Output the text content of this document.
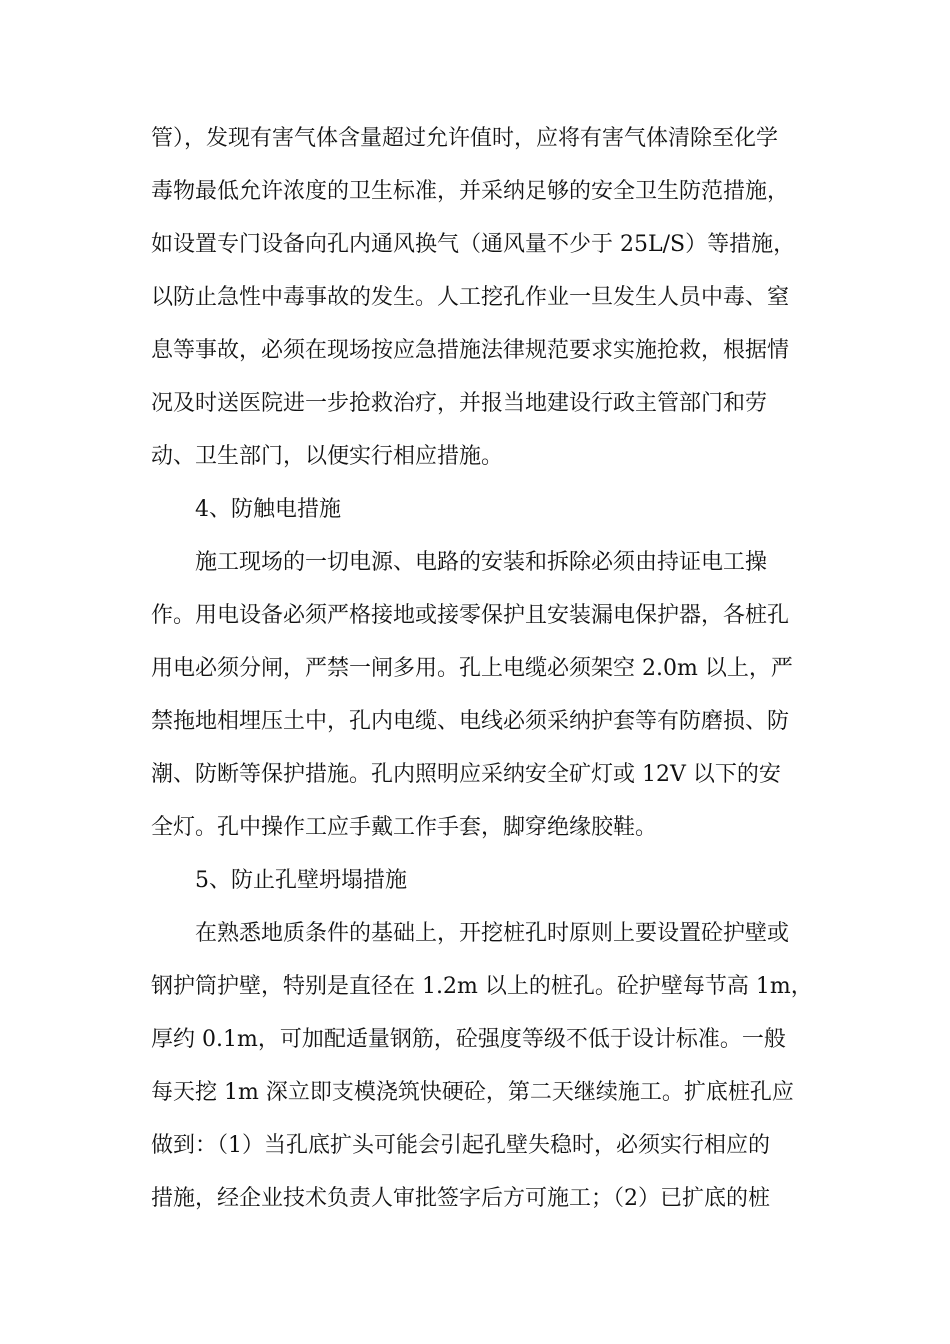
管），发现有害气体含量超过允许值时，应将有害气体清除至化学
毒物最低允许浓度的卫生标准，并采纳足够的安全卫生防范措施，
如设置专门设备向孔内通风换气（通风量不少于 25L/S）等措施，
以防止急性中毒事故的发生。人工挖孔作业一旦发生人员中毒、窒
息等事故，必须在现场按应急措施法律规范要求实施抢救，根据情
况及时送医院进一步抢救治疗，并报当地建设行政主管部门和劳
动、卫生部门，以便实行相应措施。
4、防触电措施
施工现场的一切电源、电路的安装和拆除必须由持证电工操
作。用电设备必须严格接地或接零保护且安装漏电保护器，各桩孔
用电必须分闸，严禁一闸多用。孔上电缆必须架空 2.0m 以上，严
禁拖地相埋压土中，孔内电缆、电线必须采纳护套等有防磨损、防
潮、防断等保护措施。孔内照明应采纳安全矿灯或 12V 以下的安
全灯。孔中操作工应手戴工作手套，脚穿绝缘胶鞋。
5、防止孔壁坍塌措施
在熟悉地质条件的基础上，开挖桩孔时原则上要设置砼护壁或
钢护筒护壁，特别是直径在 1.2m 以上的桩孔。砼护壁每节高 1m，
厚约 0.1m，可加配适量钢筋，砼强度等级不低于设计标准。一般
每天挖 1m 深立即支模浇筑快硬砼，第二天继续施工。扩底桩孔应
做到：（1）当孔底扩头可能会引起孔壁失稳时，必须实行相应的
措施，经企业技术负责人审批签字后方可施工；（2）已扩底的桩
